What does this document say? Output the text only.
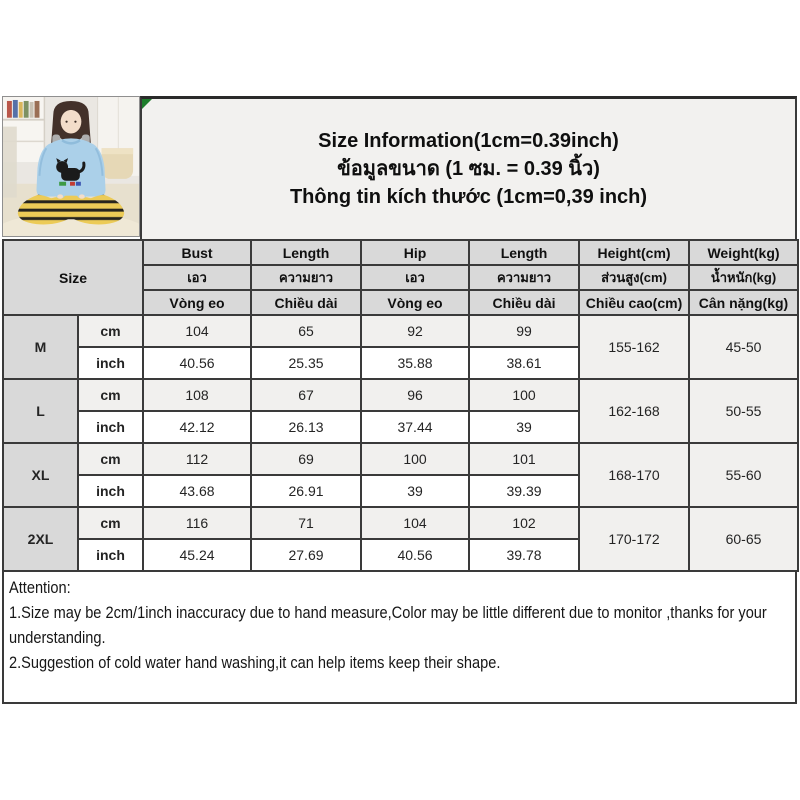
Size Information(1cm=0.39inch)
ข้อมูลขนาด (1 ซม. = 0.39 นิ้ว)
Thông tin kích thước (1cm=0,39 inch)
Size		Bust	Length	Hip	Length	Height(cm)	Weight(kg)
		เอว	ความยาว	เอว	ความยาว	ส่วนสูง(cm)	น้ำหนัก(kg)
		Vòng eo	Chiều dài	Vòng eo	Chiều dài	Chiều cao(cm)	Cân nặng(kg)
M	cm	104	65	92	99	155-162	45-50
	inch	40.56	25.35	35.88	38.61		
L	cm	108	67	96	100	162-168	50-55
	inch	42.12	26.13	37.44	39		
XL	cm	112	69	100	101	168-170	55-60
	inch	43.68	26.91	39	39.39		
2XL	cm	116	71	104	102	170-172	60-65
	inch	45.24	27.69	40.56	39.78		
Attention:
1.Size may be 2cm/1inch inaccuracy due to hand measure,Color may be little different due to monitor ,thanks for your understanding.
2.Suggestion of cold water hand washing,it can help items keep their shape.
